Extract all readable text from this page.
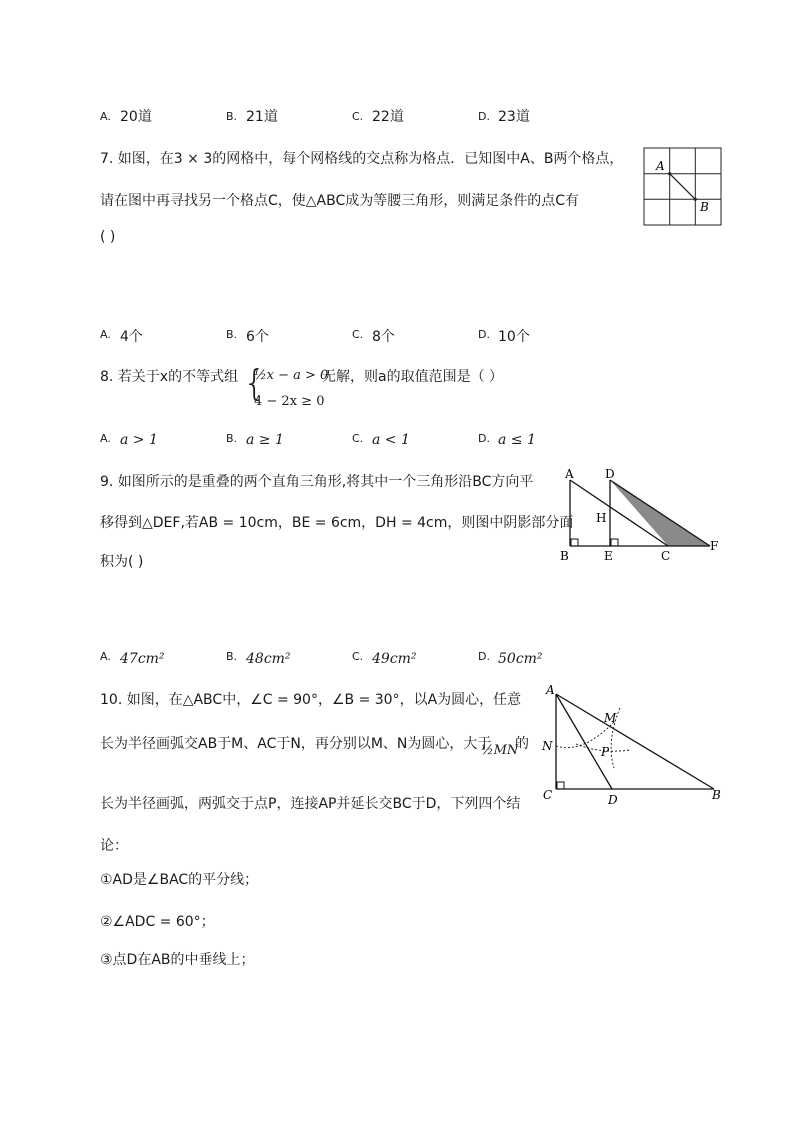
A. 20道	B. 21道	C. 22道	D. 23道
7. 如图，在3 × 3的网格中，每个网格线的交点称为格点．已知图中A、B两个格点，
请在图中再寻找另一个格点C，使△ABC成为等腰三角形，则满足条件的点C有
( )
A
B
A. 4个	B. 6个	C. 8个	D. 10个
8. 若关于x的不等式组 {
½x − a > 0
4 − 2x ≥ 0
无解，则a的取值范围是（ ）
A. a > 1	B. a ≥ 1	C. a < 1	D. a ≤ 1
9. 如图所示的是重叠的两个直角三角形,将其中一个三角形沿BC方向平
移得到△DEF,若AB = 10cm，BE = 6cm，DH = 4cm，则图中阴影部分面
积为( )
A	D
H
B	E	C
F
A. 47cm²	B. 48cm²	C. 49cm²	D. 50cm²
10. 如图，在△ABC中，∠C = 90°，∠B = 30°，以A为圆心，任意
长为半径画弧交AB于M、AC于N，再分别以M、N为圆心，大于
½MN
的
长为半径画弧，两弧交于点P，连接AP并延长交BC于D，下列四个结
论：
①AD是∠BAC的平分线；
②∠ADC = 60°；
③点D在AB的中垂线上；
A
M
N	P
C	D	B
